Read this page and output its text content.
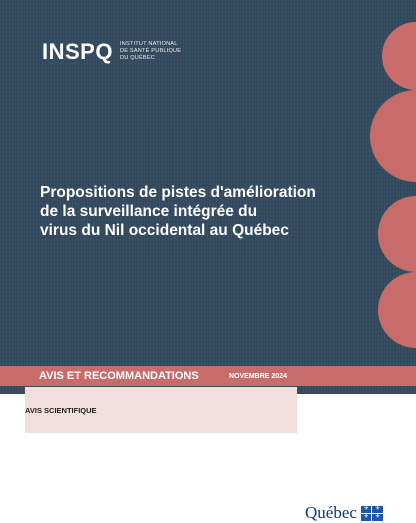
INSPQ INSTITUT NATIONAL
DE SANTÉ PUBLIQUE
DU QUÉBEC
Propositions de pistes d'amélioration
de la surveillance intégrée du
virus du Nil occidental au Québec
AVIS ET RECOMMANDATIONS	NOVEMBRE 2024
AVIS SCIENTIFIQUE
Québec	⚜	⚜
⚜	⚜
